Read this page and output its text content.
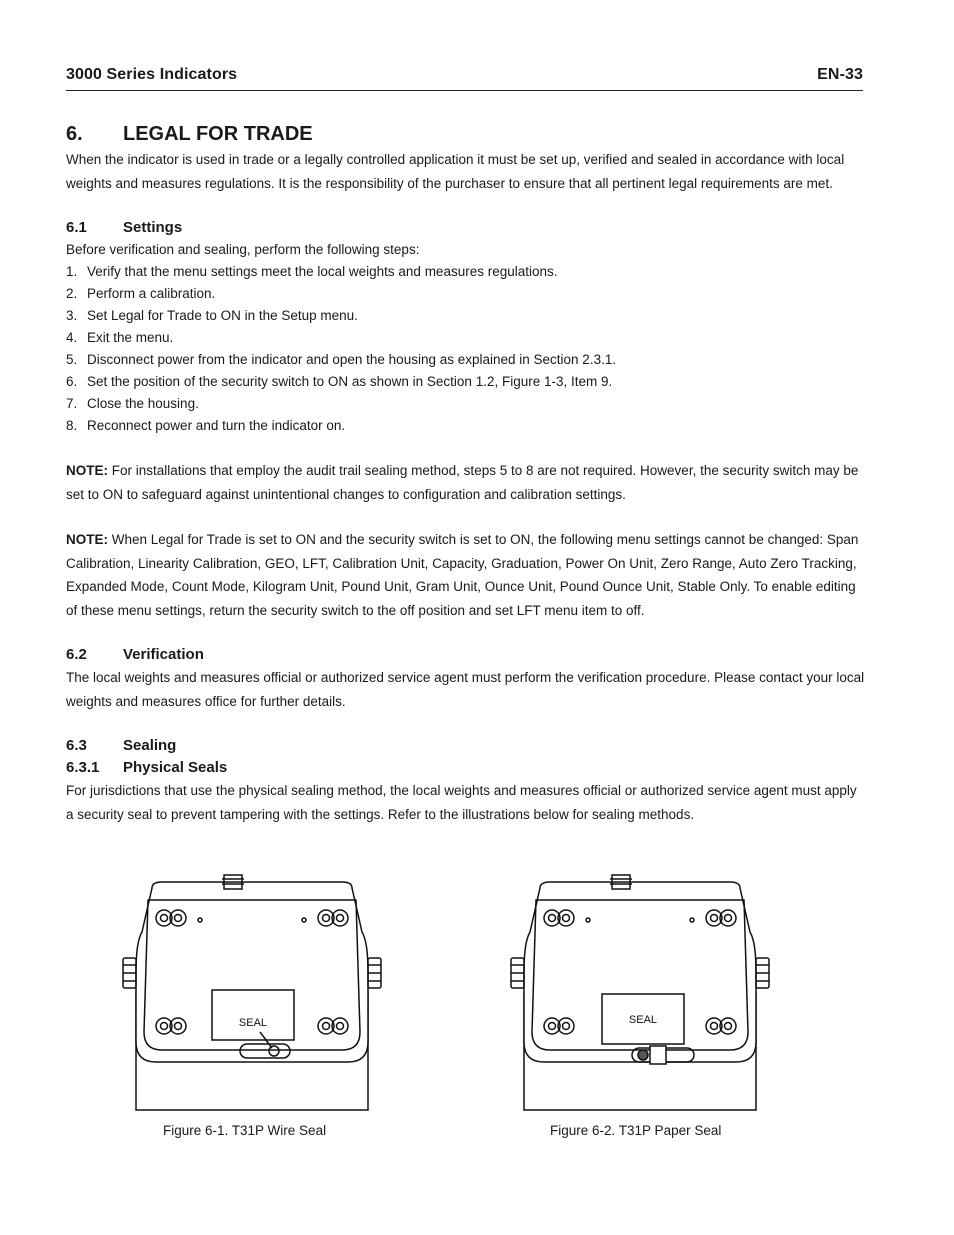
3000 Series Indicators	EN-33
6. LEGAL FOR TRADE

When the indicator is used in trade or a legally controlled application it must be set up, verified and sealed in accordance with local weights and measures regulations. It is the responsibility of the purchaser to ensure that all pertinent legal requirements are met.

6.1 Settings
Before verification and sealing, perform the following steps:
1. Verify that the menu settings meet the local weights and measures regulations.
2. Perform a calibration.
3. Set Legal for Trade to ON in the Setup menu.
4. Exit the menu.
5. Disconnect power from the indicator and open the housing as explained in Section 2.3.1.
6. Set the position of the security switch to ON as shown in Section 1.2, Figure 1-3, Item 9.
7. Close the housing.
8. Reconnect power and turn the indicator on.

NOTE: For installations that employ the audit trail sealing method, steps 5 to 8 are not required. However, the security switch may be set to ON to safeguard against unintentional changes to configuration and calibration settings.

NOTE: When Legal for Trade is set to ON and the security switch is set to ON, the following menu settings cannot be changed: Span Calibration, Linearity Calibration, GEO, LFT, Calibration Unit, Capacity, Graduation, Power On Unit, Zero Range, Auto Zero Tracking, Expanded Mode, Count Mode, Kilogram Unit, Pound Unit, Gram Unit, Ounce Unit, Pound Ounce Unit, Stable Only. To enable editing of these menu settings, return the security switch to the off position and set LFT menu item to off.

6.2 Verification

The local weights and measures official or authorized service agent must perform the verification procedure. Please contact your local weights and measures office for further details.

6.3 Sealing
6.3.1 Physical Seals

For jurisdictions that use the physical sealing method, the local weights and measures official or authorized service agent must apply a security seal to prevent tampering with the settings. Refer to the illustrations below for sealing methods.

SEAL
Figure 6-1. T31P Wire Seal
SEAL
Figure 6-2. T31P Paper Seal
